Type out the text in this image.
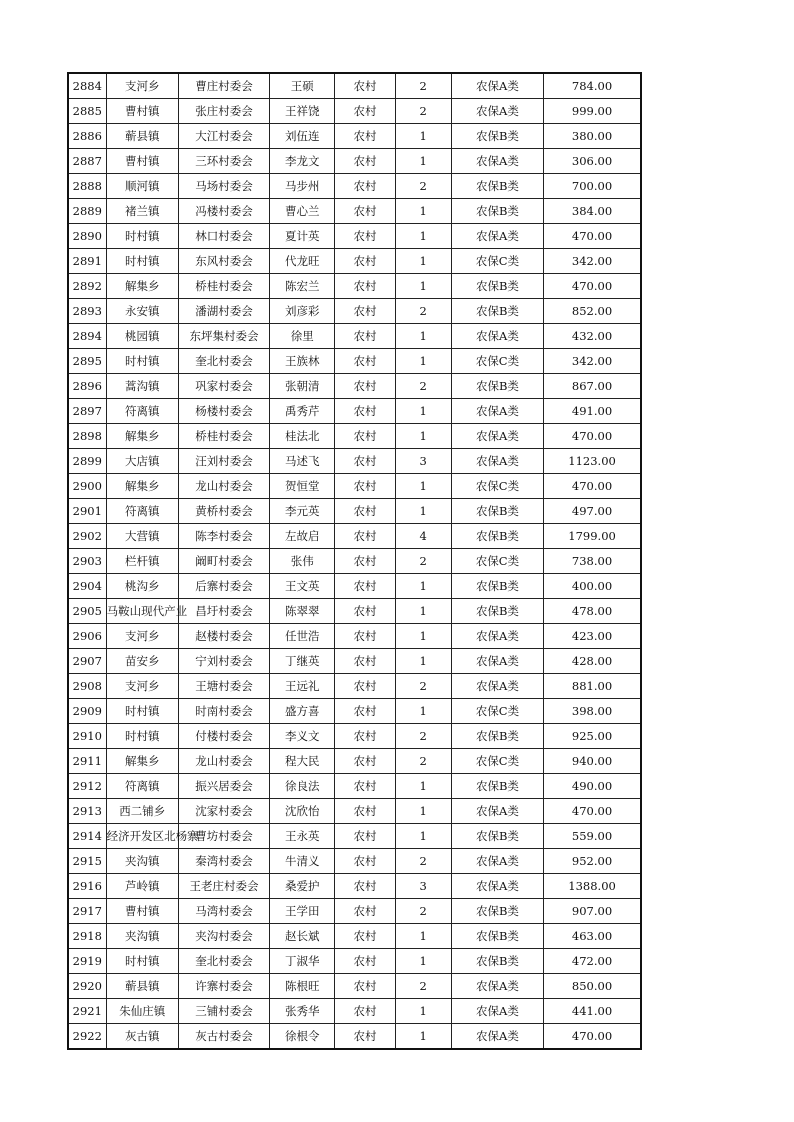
2884	支河乡	曹庄村委会	王硕	农村	2	农保A类	784.00
2885	曹村镇	张庄村委会	王祥饶	农村	2	农保A类	999.00
2886	蕲县镇	大江村委会	刘伍连	农村	1	农保B类	380.00
2887	曹村镇	三环村委会	李龙文	农村	1	农保A类	306.00
2888	顺河镇	马场村委会	马步州	农村	2	农保B类	700.00
2889	褚兰镇	冯楼村委会	曹心兰	农村	1	农保B类	384.00
2890	时村镇	林口村委会	夏计英	农村	1	农保A类	470.00
2891	时村镇	东风村委会	代龙旺	农村	1	农保C类	342.00
2892	解集乡	桥桂村委会	陈宏兰	农村	1	农保B类	470.00
2893	永安镇	潘湖村委会	刘彦彩	农村	2	农保B类	852.00
2894	桃园镇	东坪集村委会	徐里	农村	1	农保A类	432.00
2895	时村镇	奎北村委会	王族林	农村	1	农保C类	342.00
2896	蒿沟镇	巩家村委会	张朝清	农村	2	农保B类	867.00
2897	符离镇	杨楼村委会	禹秀芹	农村	1	农保A类	491.00
2898	解集乡	桥桂村委会	桂法北	农村	1	农保A类	470.00
2899	大店镇	汪刘村委会	马述飞	农村	3	农保A类	1123.00
2900	解集乡	龙山村委会	贺恒堂	农村	1	农保C类	470.00
2901	符离镇	黄桥村委会	李元英	农村	1	农保B类	497.00
2902	大营镇	陈李村委会	左故启	农村	4	农保B类	1799.00
2903	栏杆镇	阚町村委会	张伟	农村	2	农保C类	738.00
2904	桃沟乡	后寨村委会	王文英	农村	1	农保B类	400.00
2905	马鞍山现代产业	昌圩村委会	陈翠翠	农村	1	农保B类	478.00
2906	支河乡	赵楼村委会	任世浩	农村	1	农保A类	423.00
2907	苗安乡	宁刘村委会	丁继英	农村	1	农保A类	428.00
2908	支河乡	王塘村委会	王远礼	农村	2	农保A类	881.00
2909	时村镇	时南村委会	盛方喜	农村	1	农保C类	398.00
2910	时村镇	付楼村委会	李义文	农村	2	农保B类	925.00
2911	解集乡	龙山村委会	程大民	农村	2	农保C类	940.00
2912	符离镇	振兴居委会	徐良法	农村	1	农保B类	490.00
2913	西二铺乡	沈家村委会	沈欣怡	农村	1	农保A类	470.00
2914	经济开发区北杨寨	曹坊村委会	王永英	农村	1	农保B类	559.00
2915	夹沟镇	秦湾村委会	牛清义	农村	2	农保A类	952.00
2916	芦岭镇	王老庄村委会	桑爱护	农村	3	农保A类	1388.00
2917	曹村镇	马湾村委会	王学田	农村	2	农保B类	907.00
2918	夹沟镇	夹沟村委会	赵长斌	农村	1	农保B类	463.00
2919	时村镇	奎北村委会	丁淑华	农村	1	农保B类	472.00
2920	蕲县镇	许寨村委会	陈根旺	农村	2	农保A类	850.00
2921	朱仙庄镇	三铺村委会	张秀华	农村	1	农保A类	441.00
2922	灰古镇	灰古村委会	徐根令	农村	1	农保A类	470.00
